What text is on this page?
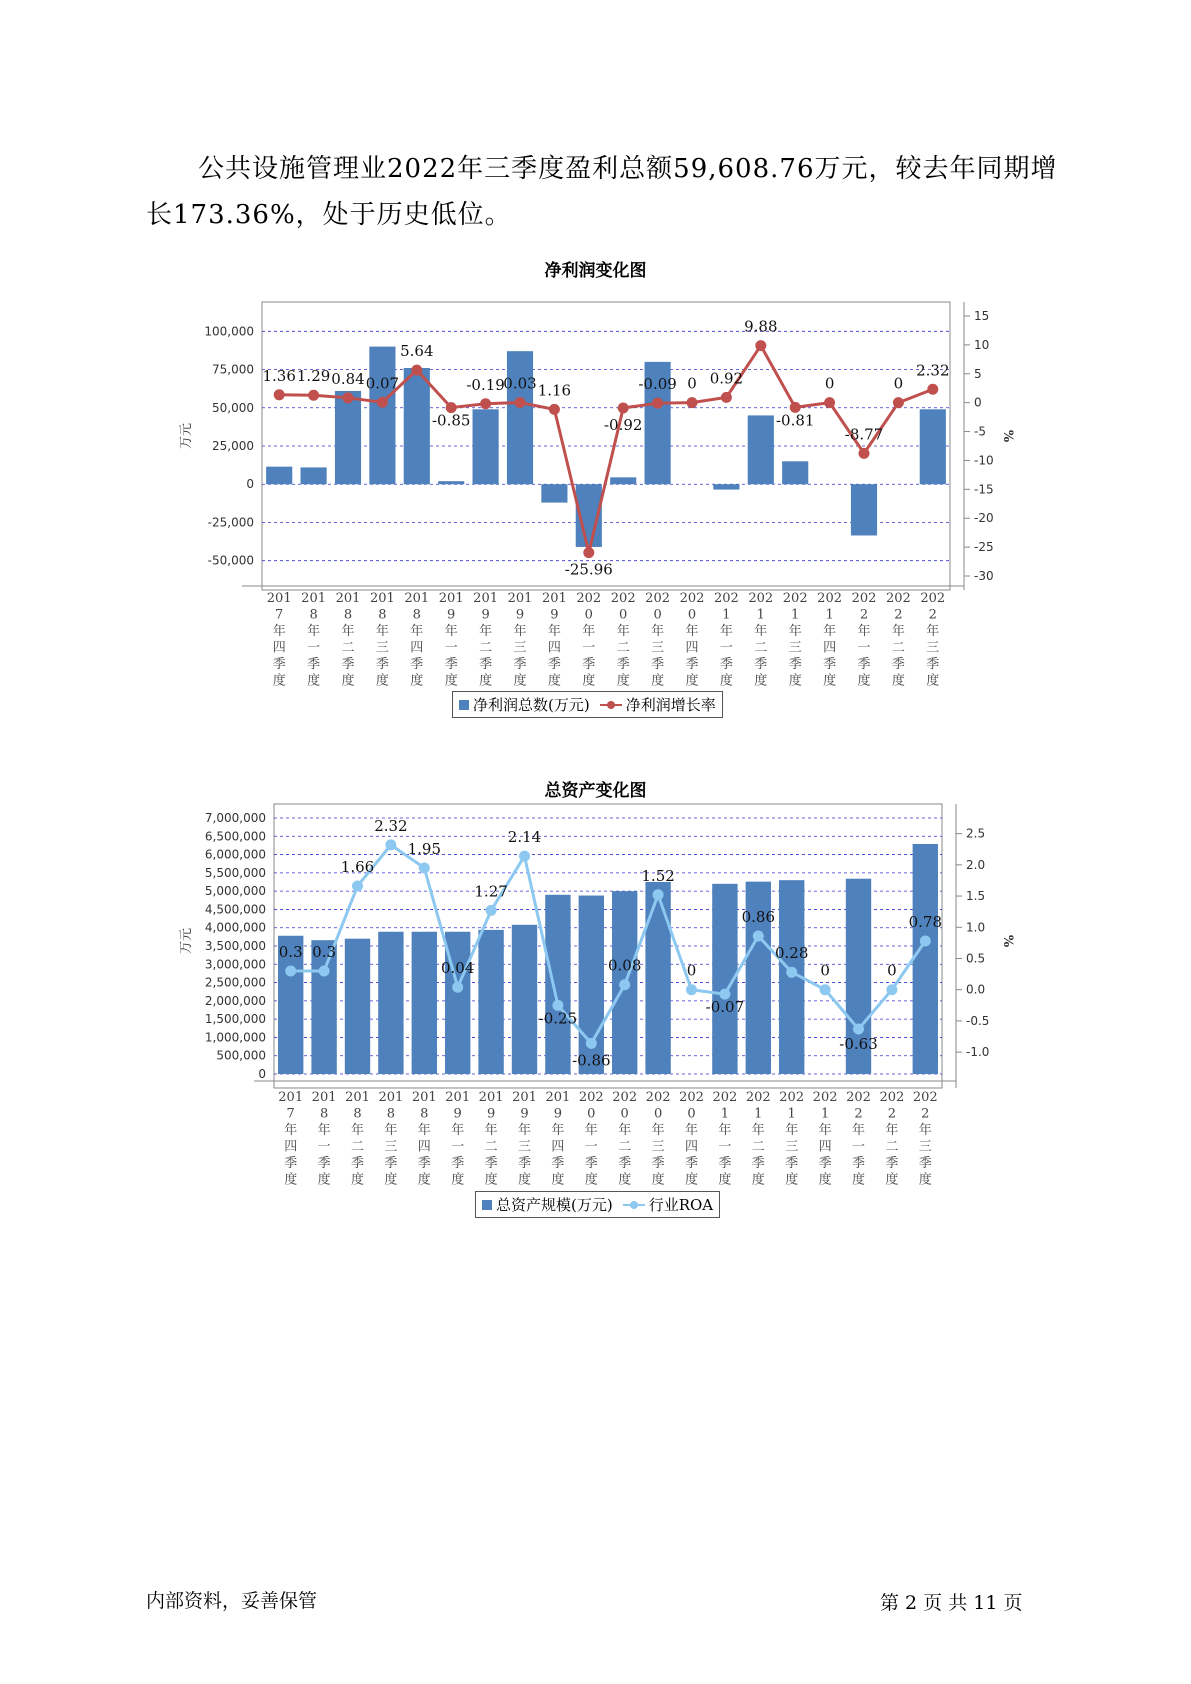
公共设施管理业2022年三季度盈利总额59,608.76万元，较去年同期增长173.36%，处于历史低位。

净利润变化图
100,000
75,000
50,000
25,000
0
-25,000
-50,000
15
10
5
0
-5
-10
-15
-20
-25
-30
万元	%
1.36 1.29 0.84 0.07
5.64
-0.85
-0.19
0.03 1.16
-25.96
-0.92
-0.09 0 0.92
9.88
-0.81
0
-8.77
0
2.32
201 7 年四季度
201 8 年一季度
201 8 年二季度
201 8 年三季度
201 8 年四季度
201 9 年一季度
201 9 年二季度
201 9 年三季度
201 9 年四季度
202 0 年一季度
202 0 年二季度
202 0 年三季度
202 0 年四季度
202 1 年一季度
202 1 年二季度
202 1 年三季度
202 1 年四季度
202 2 年一季度
202 2 年二季度
202 2 年三季度
净利润总数(万元) 净利润增长率
总资产变化图
7,000,000
6,500,000
6,000,000
5,500,000
5,000,000
4,500,000
4,000,000
3,500,000
3,000,000
2,500,000
2,000,000
1,500,000
1,000,000
500,000
0
2.5
2.0
1.5
1.0
0.5
0.0
-0.5
-1.0
万元	%
0.3 0.3
1.66
2.32
1.95
0.04
1.27
2.14
-0.25
-0.86
0.08
1.52
0
-0.07
0.86
0.28
0
-0.63
0
0.78
201 7 年四季度
201 8 年一季度
201 8 年二季度
201 8 年三季度
201 8 年四季度
201 9 年一季度
201 9 年二季度
201 9 年三季度
201 9 年四季度
202 0 年一季度
202 0 年二季度
202 0 年三季度
202 0 年四季度
202 1 年一季度
202 1 年二季度
202 1 年三季度
202 1 年四季度
202 2 年一季度
202 2 年二季度
202 2 年三季度
总资产规模(万元) 行业ROA
内部资料，妥善保管	第 2 页 共 11 页
